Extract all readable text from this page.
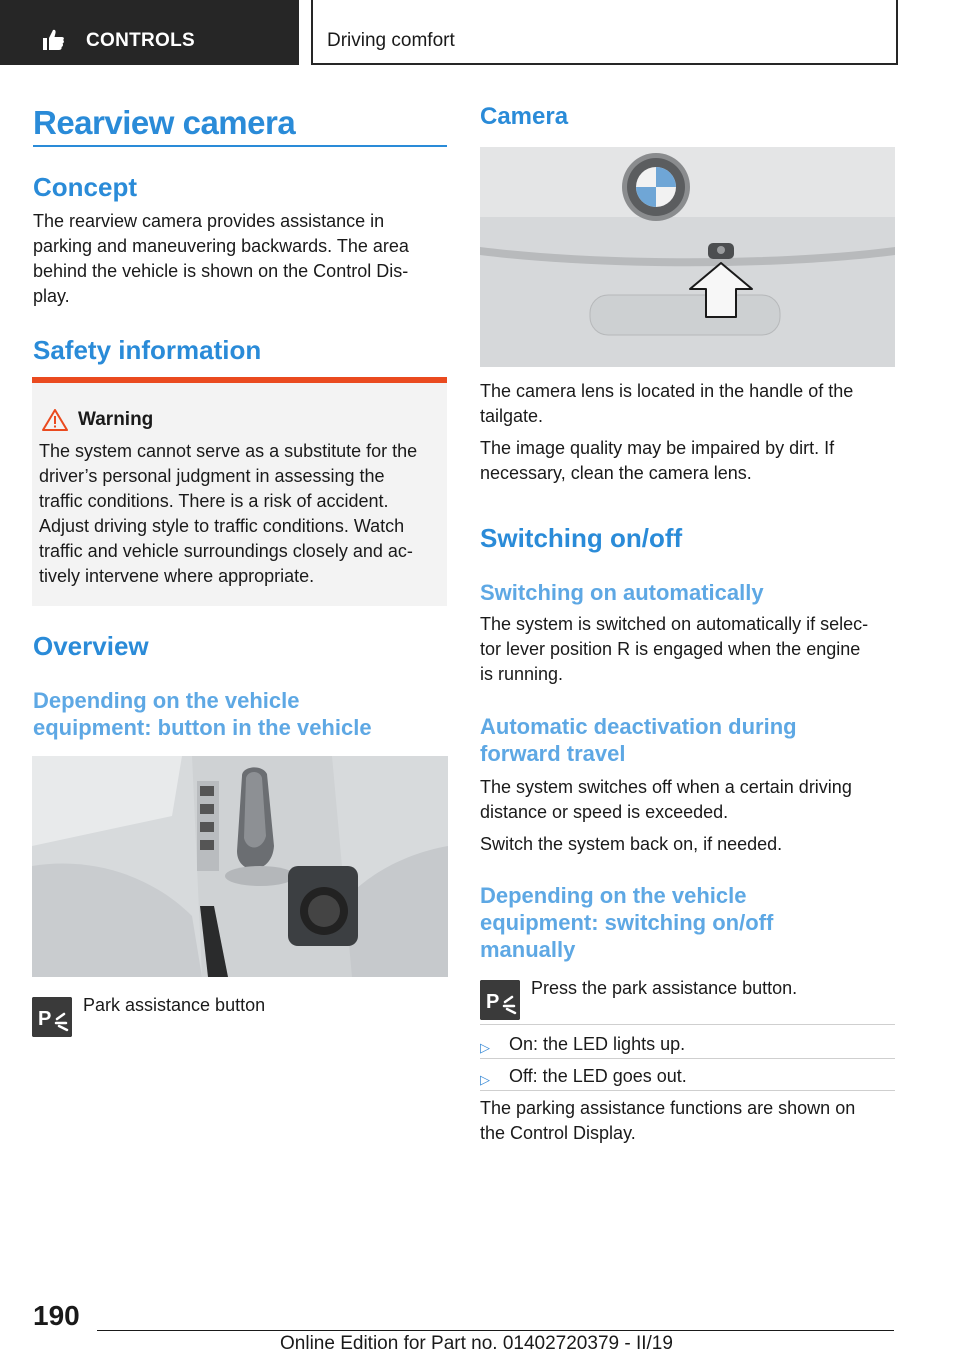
CONTROLS	Driving comfort
Rearview camera
Concept
The rearview camera provides assistance in
parking and maneuvering backwards. The area
behind the vehicle is shown on the Control Dis-
play.
Safety information
Warning
The system cannot serve as a substitute for the
driver’s personal judgment in assessing the
traffic conditions. There is a risk of accident.
Adjust driving style to traffic conditions. Watch
traffic and vehicle surroundings closely and ac-
tively intervene where appropriate.
Overview
Depending on the vehicle
equipment: button in the vehicle
P
Park assistance button
Camera
The camera lens is located in the handle of the
tailgate.
The image quality may be impaired by dirt. If
necessary, clean the camera lens.
Switching on/off
Switching on automatically
The system is switched on automatically if selec-
tor lever position R is engaged when the engine
is running.
Automatic deactivation during
forward travel
The system switches off when a certain driving
distance or speed is exceeded.
Switch the system back on, if needed.
Depending on the vehicle
equipment: switching on/off
manually
P
Press the park assistance button.
▷ On: the LED lights up.
▷ Off: the LED goes out.
The parking assistance functions are shown on
the Control Display.
190
Online Edition for Part no. 01402720379 - II/19
